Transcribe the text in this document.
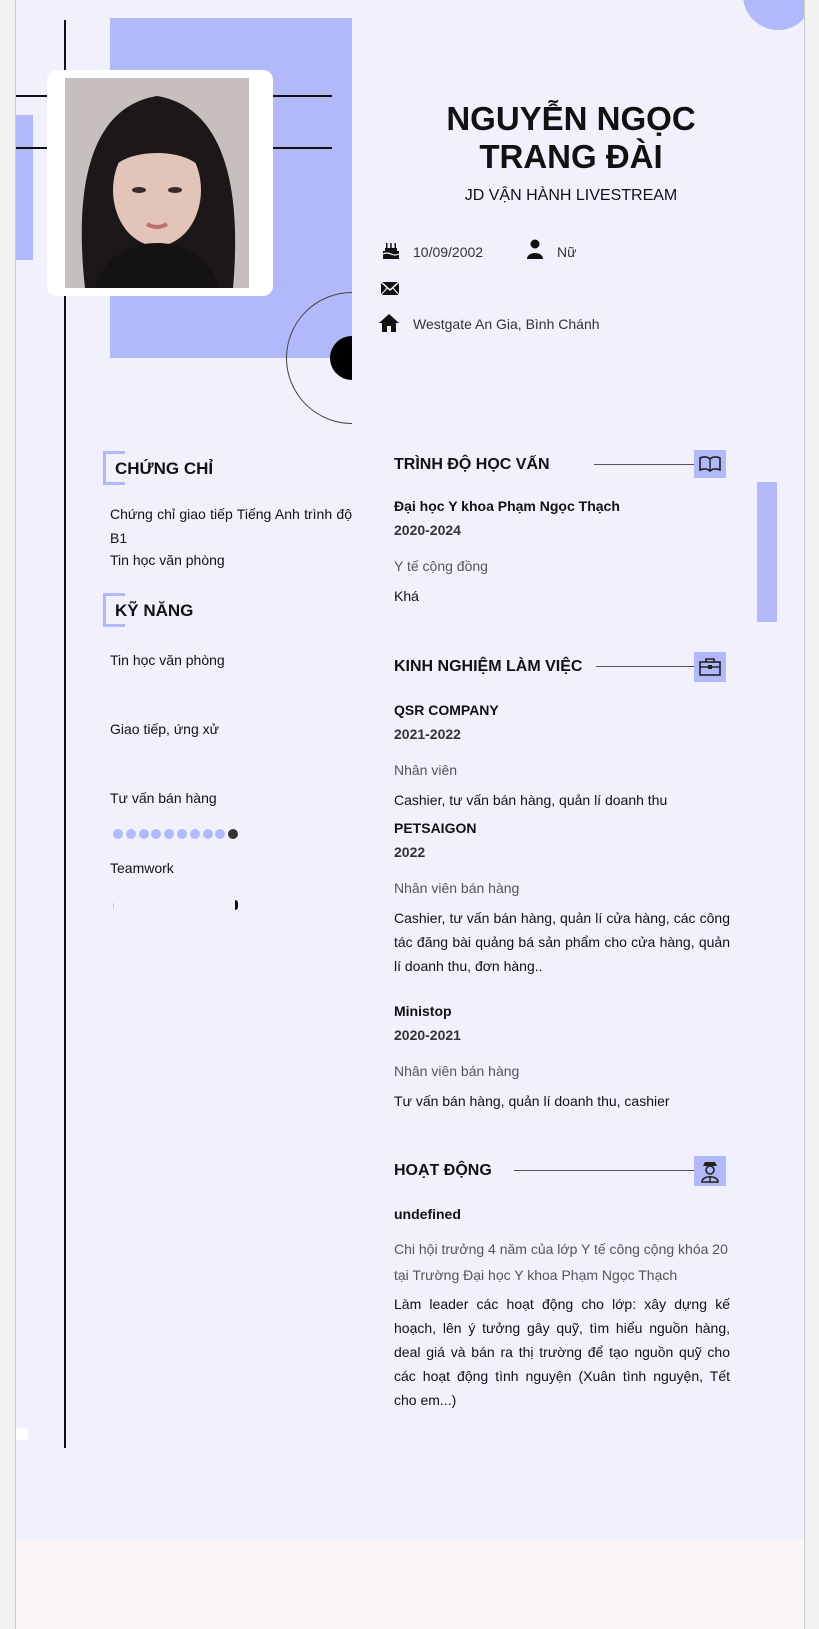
NGUYỄN NGỌC TRANG ĐÀI
JD VẬN HÀNH LIVESTREAM
10/09/2002	Nữ
Westgate An Gia, Bình Chánh
CHỨNG CHỈ
Chứng chỉ giao tiếp Tiếng Anh trình độ B1
Tin học văn phòng
KỸ NĂNG
Tin học văn phòng
Giao tiếp, ứng xử
Tư vấn bán hàng
Teamwork
TRÌNH ĐỘ HỌC VẤN
Đại học Y khoa Phạm Ngọc Thạch
2020-2024
Y tế cộng đồng
Khá
KINH NGHIỆM LÀM VIỆC
QSR COMPANY
2021-2022
Nhân viên
Cashier, tư vấn bán hàng, quản lí doanh thu
PETSAIGON
2022
Nhân viên bán hàng
Cashier, tư vấn bán hàng, quản lí cửa hàng, các công tác đăng bài quảng bá sản phẩm cho cửa hàng, quản lí doanh thu, đơn hàng..
Ministop
2020-2021
Nhân viên bán hàng
Tư vấn bán hàng, quản lí doanh thu, cashier
HOẠT ĐỘNG
undefined
Chi hội trưởng 4 năm của lớp Y tế công cộng khóa 20 tại Trường Đại học Y khoa Phạm Ngọc Thạch
Làm leader các hoạt động cho lớp: xây dựng kế hoạch, lên ý tưởng gây quỹ, tìm hiểu nguồn hàng, deal giá và bán ra thị trường để tạo nguồn quỹ cho các hoạt động tình nguyện (Xuân tình nguyện, Tết cho em...)
